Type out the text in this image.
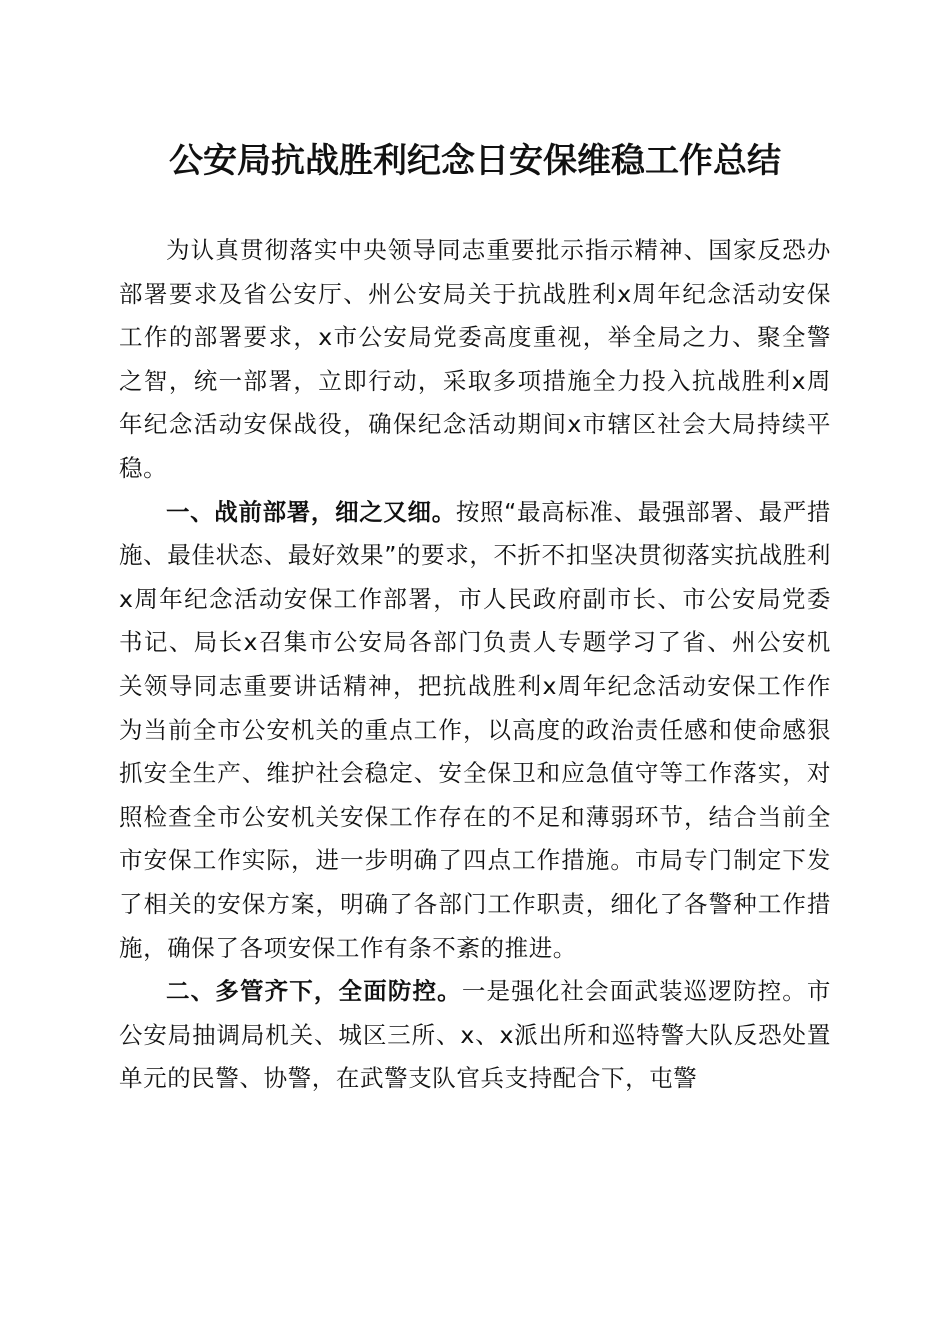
公安局抗战胜利纪念日安保维稳工作总结

为认真贯彻落实中央领导同志重要批示指示精神、国家反恐办部署要求及省公安厅、州公安局关于抗战胜利x周年纪念活动安保工作的部署要求，x市公安局党委高度重视，举全局之力、聚全警之智，统一部署，立即行动，采取多项措施全力投入抗战胜利x周年纪念活动安保战役，确保纪念活动期间x市辖区社会大局持续平稳。

一、战前部署，细之又细。按照“最高标准、最强部署、最严措施、最佳状态、最好效果”的要求，不折不扣坚决贯彻落实抗战胜利x周年纪念活动安保工作部署，市人民政府副市长、市公安局党委书记、局长x召集市公安局各部门负责人专题学习了省、州公安机关领导同志重要讲话精神，把抗战胜利x周年纪念活动安保工作作为当前全市公安机关的重点工作，以高度的政治责任感和使命感狠抓安全生产、维护社会稳定、安全保卫和应急值守等工作落实，对照检查全市公安机关安保工作存在的不足和薄弱环节，结合当前全市安保工作实际，进一步明确了四点工作措施。市局专门制定下发了相关的安保方案，明确了各部门工作职责，细化了各警种工作措施，确保了各项安保工作有条不紊的推进。

二、多管齐下，全面防控。一是强化社会面武装巡逻防控。市公安局抽调局机关、城区三所、x、x派出所和巡特警大队反恐处置单元的民警、协警，在武警支队官兵支持配合下，屯警
